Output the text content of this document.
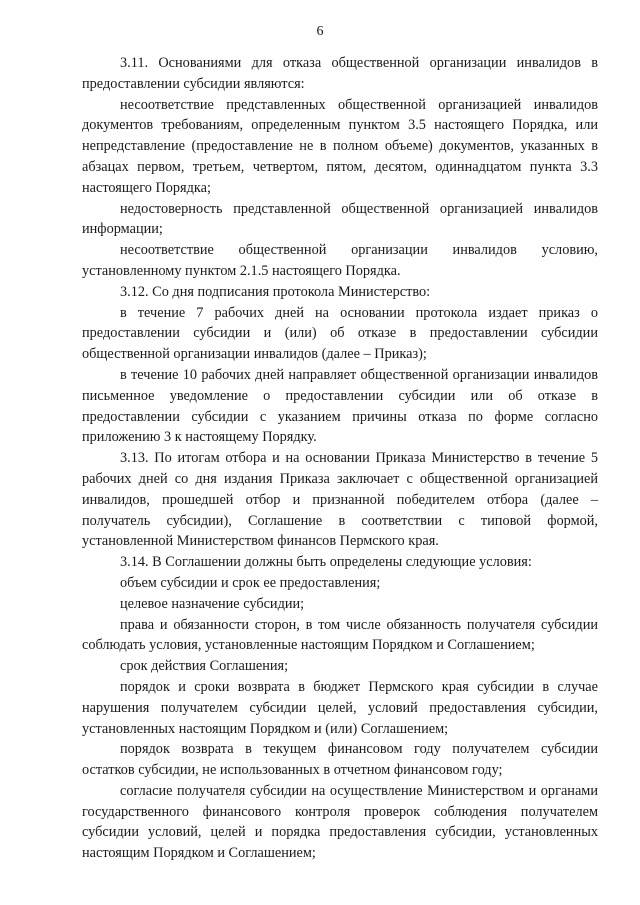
6

3.11. Основаниями для отказа общественной организации инвалидов в предоставлении субсидии являются:

несоответствие представленных общественной организацией инвалидов документов требованиям, определенным пунктом 3.5 настоящего Порядка, или непредставление (предоставление не в полном объеме) документов, указанных в абзацах первом, третьем, четвертом, пятом, десятом, одиннадцатом пункта 3.3 настоящего Порядка;

недостоверность представленной общественной организацией инвалидов информации;

несоответствие общественной организации инвалидов условию, установленному пунктом 2.1.5 настоящего Порядка.

3.12. Со дня подписания протокола Министерство:

в течение 7 рабочих дней на основании протокола издает приказ о предоставлении субсидии и (или) об отказе в предоставлении субсидии общественной организации инвалидов (далее – Приказ);

в течение 10 рабочих дней направляет общественной организации инвалидов письменное уведомление о предоставлении субсидии или об отказе в предоставлении субсидии с указанием причины отказа по форме согласно приложению 3 к настоящему Порядку.

3.13. По итогам отбора и на основании Приказа Министерство в течение 5 рабочих дней со дня издания Приказа заключает с общественной организацией инвалидов, прошедшей отбор и признанной победителем отбора (далее – получатель субсидии), Соглашение в соответствии с типовой формой, установленной Министерством финансов Пермского края.

3.14. В Соглашении должны быть определены следующие условия:

объем субсидии и срок ее предоставления;

целевое назначение субсидии;

права и обязанности сторон, в том числе обязанность получателя субсидии соблюдать условия, установленные настоящим Порядком и Соглашением;

срок действия Соглашения;

порядок и сроки возврата в бюджет Пермского края субсидии в случае нарушения получателем субсидии целей, условий предоставления субсидии, установленных настоящим Порядком и (или) Соглашением;

порядок возврата в текущем финансовом году получателем субсидии остатков субсидии, не использованных в отчетном финансовом году;

согласие получателя субсидии на осуществление Министерством и органами государственного финансового контроля проверок соблюдения получателем субсидии условий, целей и порядка предоставления субсидии, установленных настоящим Порядком и Соглашением;
